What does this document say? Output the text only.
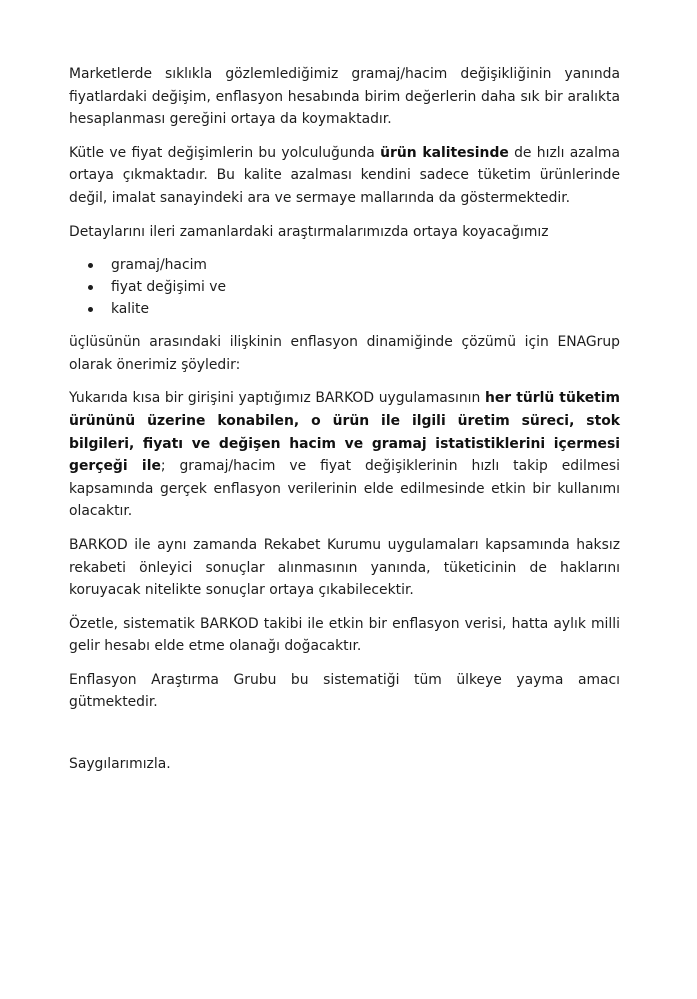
Marketlerde sıklıkla gözlemlediğimiz gramaj/hacim değişikliğinin yanında fiyatlardaki değişim, enflasyon hesabında birim değerlerin daha sık bir aralıkta hesaplanması gereğini ortaya da koymaktadır.

Kütle ve fiyat değişimlerin bu yolculuğunda ürün kalitesinde de hızlı azalma ortaya çıkmaktadır. Bu kalite azalması kendini sadece tüketim ürünlerinde değil, imalat sanayindeki ara ve sermaye mallarında da göstermektedir.

Detaylarını ileri zamanlardaki araştırmalarımızda ortaya koyacağımız

gramaj/hacim
fiyat değişimi ve
kalite

üçlüsünün arasındaki ilişkinin enflasyon dinamiğinde çözümü için ENAGrup olarak önerimiz şöyledir:

Yukarıda kısa bir girişini yaptığımız BARKOD uygulamasının her türlü tüketim ürününü üzerine konabilen, o ürün ile ilgili üretim süreci, stok bilgileri, fiyatı ve değişen hacim ve gramaj istatistiklerini içermesi gerçeği ile; gramaj/hacim ve fiyat değişiklerinin hızlı takip edilmesi kapsamında gerçek enflasyon verilerinin elde edilmesinde etkin bir kullanımı olacaktır.

BARKOD ile aynı zamanda Rekabet Kurumu uygulamaları kapsamında haksız rekabeti önleyici sonuçlar alınmasının yanında, tüketicinin de haklarını koruyacak nitelikte sonuçlar ortaya çıkabilecektir.

Özetle, sistematik BARKOD takibi ile etkin bir enflasyon verisi, hatta aylık milli gelir hesabı elde etme olanağı doğacaktır.

Enflasyon Araştırma Grubu bu sistematiği tüm ülkeye yayma amacı gütmektedir.

Saygılarımızla.
